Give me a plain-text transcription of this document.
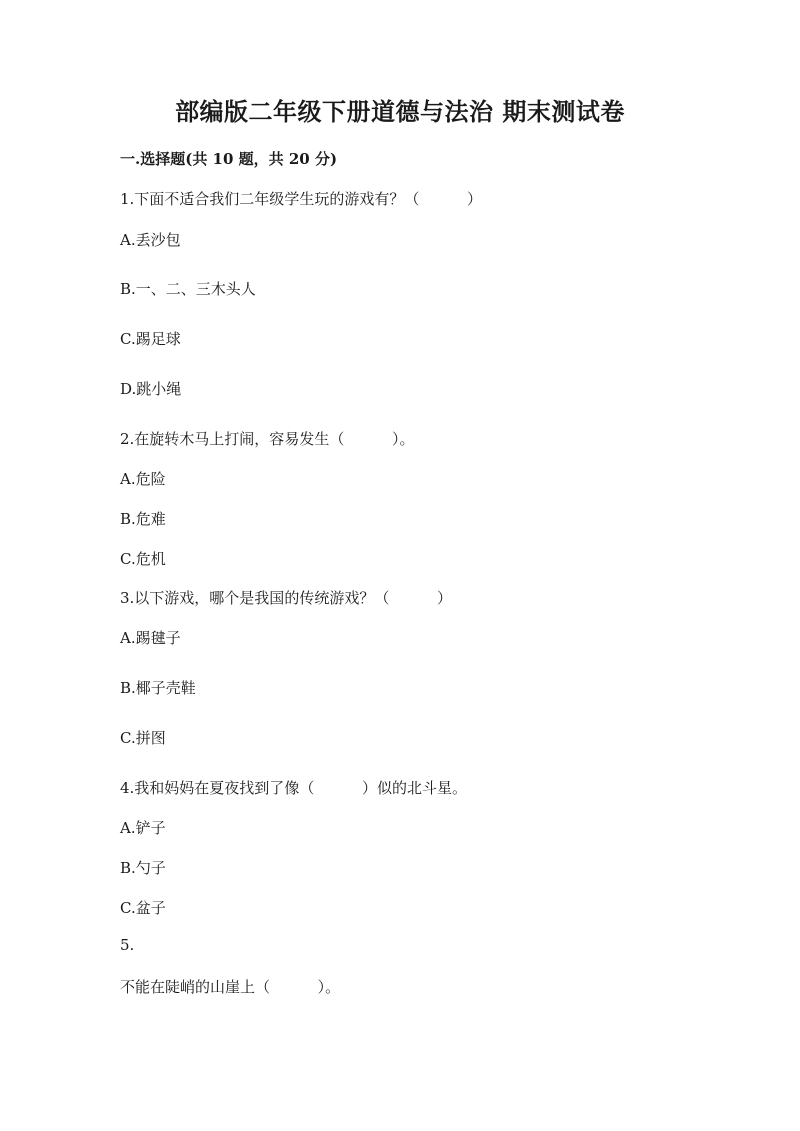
部编版二年级下册道德与法治 期末测试卷
一.选择题(共 10 题，共 20 分)
1.下面不适合我们二年级学生玩的游戏有？（          ）
A.丢沙包
B.一、二、三木头人
C.踢足球
D.跳小绳
2.在旋转木马上打闹，容易发生（          ）。
A.危险
B.危难
C.危机
3.以下游戏，哪个是我国的传统游戏？（          ）
A.踢毽子
B.椰子壳鞋
C.拼图
4.我和妈妈在夏夜找到了像（          ）似的北斗星。
A.铲子
B.勺子
C.盆子
5.
不能在陡峭的山崖上（          ）。
